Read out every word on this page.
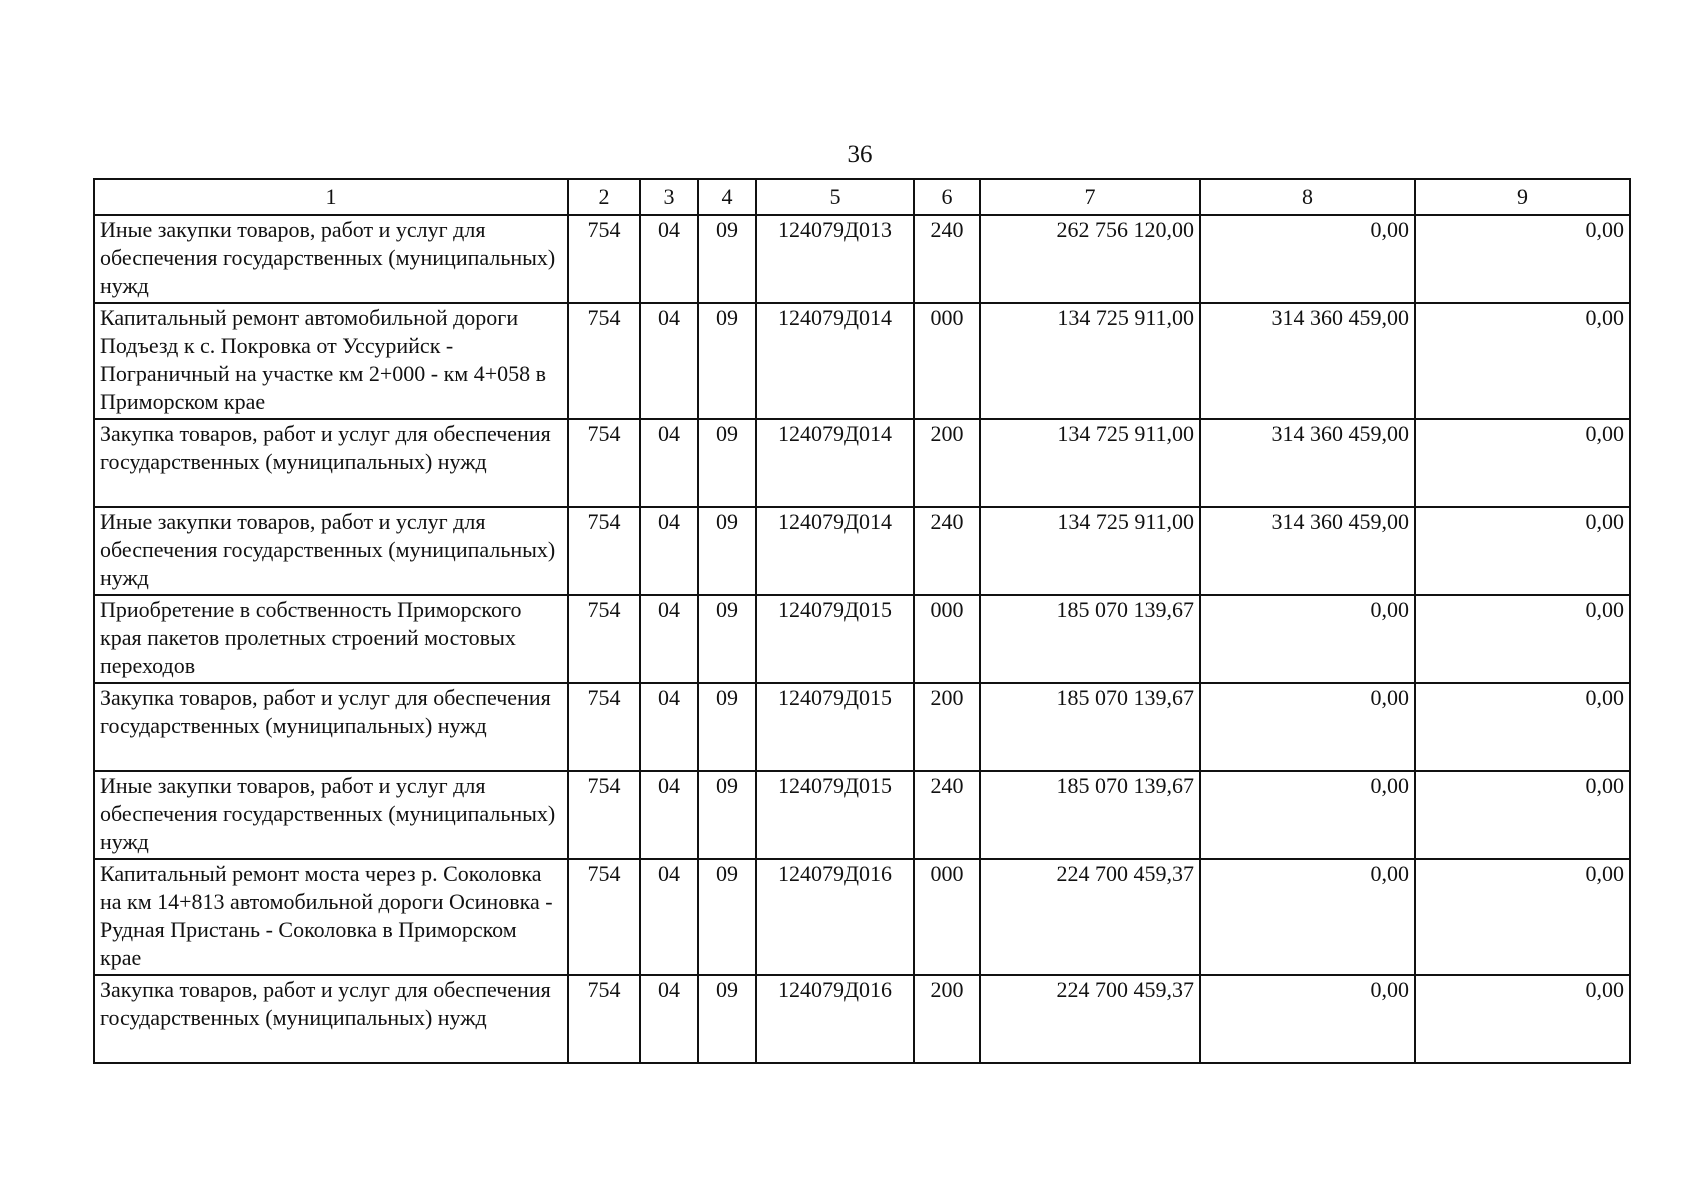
36
1	2	3	4	5	6	7	8	9
Иные закупки товаров, работ и услуг для обеспечения государственных (муниципальных) нужд	754	04	09	124079Д013	240	262 756 120,00	0,00	0,00
Капитальный ремонт автомобильной дороги Подъезд к с. Покровка от Уссурийск - Пограничный на участке км 2+000 - км 4+058 в Приморском крае	754	04	09	124079Д014	000	134 725 911,00	314 360 459,00	0,00
Закупка товаров, работ и услуг для обеспечения государственных (муниципальных) нужд	754	04	09	124079Д014	200	134 725 911,00	314 360 459,00	0,00
Иные закупки товаров, работ и услуг для обеспечения государственных (муниципальных) нужд	754	04	09	124079Д014	240	134 725 911,00	314 360 459,00	0,00
Приобретение в собственность Приморского края пакетов пролетных строений мостовых переходов	754	04	09	124079Д015	000	185 070 139,67	0,00	0,00
Закупка товаров, работ и услуг для обеспечения государственных (муниципальных) нужд	754	04	09	124079Д015	200	185 070 139,67	0,00	0,00
Иные закупки товаров, работ и услуг для обеспечения государственных (муниципальных) нужд	754	04	09	124079Д015	240	185 070 139,67	0,00	0,00
Капитальный ремонт моста через р. Соколовка на км 14+813 автомобильной дороги Осиновка - Рудная Пристань - Соколовка в Приморском крае	754	04	09	124079Д016	000	224 700 459,37	0,00	0,00
Закупка товаров, работ и услуг для обеспечения государственных (муниципальных) нужд	754	04	09	124079Д016	200	224 700 459,37	0,00	0,00
